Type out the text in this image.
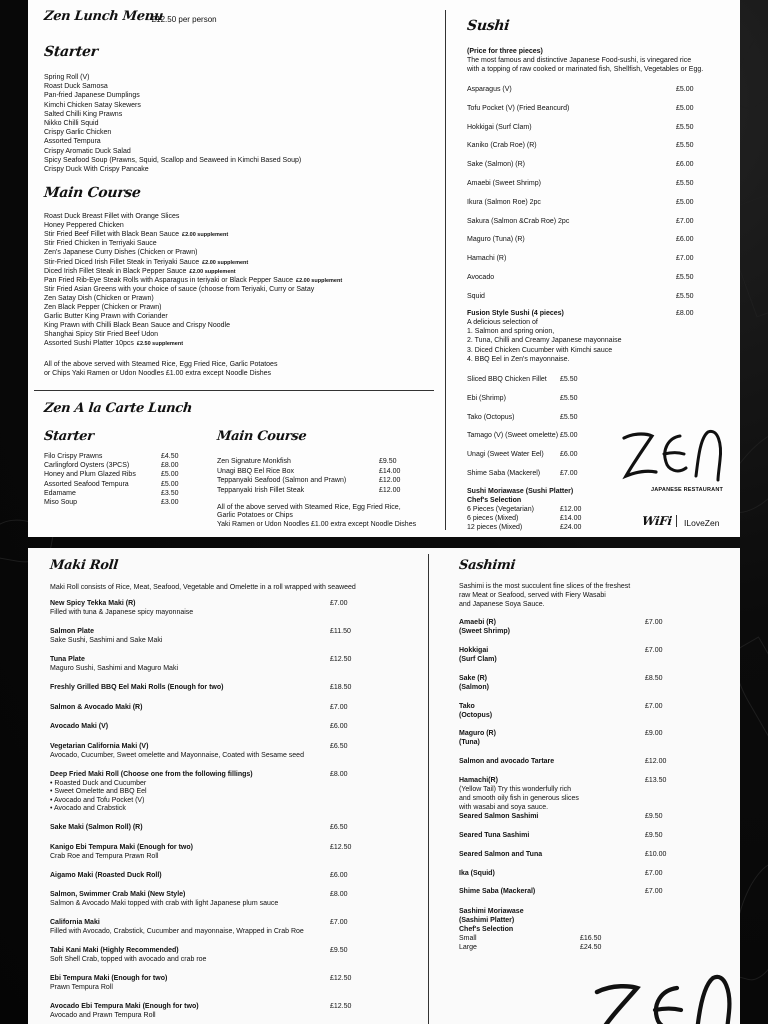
Zen Lunch Menu
– £12.50 per person
Starter
Spring Roll (V)
Roast Duck Samosa
Pan-fried Japanese Dumplings
Kimchi Chicken Satay Skewers
Salted Chilli King Prawns
Nikko Chilli Squid
Crispy Garlic Chicken
Assorted Tempura
Crispy Aromatic Duck Salad
Spicy Seafood Soup (Prawns, Squid, Scallop and Seaweed in Kimchi Based Soup)
Crispy Duck With Crispy Pancake
Main Course
Roast Duck Breast Fillet with Orange Slices
Honey Peppered Chicken
Stir Fried Beef Fillet with Black Bean Sauce £2.00 supplement
Stir Fried Chicken in Terriyaki Sauce
Zen's Japanese Curry Dishes (Chicken or Prawn)
Stir-Fried Diced Irish Fillet Steak in Teriyaki Sauce £2.00 supplement
Diced Irish Fillet Steak in Black Pepper Sauce £2.00 supplement
Pan Fried Rib-Eye Steak Rolls with Asparagus in teriyaki or Black Pepper Sauce £2.00 supplement
Stir Fried Asian Greens with your choice of sauce (choose from Teriyaki, Curry or Satay
Zen Satay Dish (Chicken or Prawn)
Zen Black Pepper (Chicken or Prawn)
Garlic Butter King Prawn with Coriander
King Prawn with Chilli Black Bean Sauce and Crispy Noodle
Shanghai Spicy Stir Fried Beef Udon
Assorted Sushi Platter 10pcs £2.50 supplement
All of the above served with Steamed Rice, Egg Fried Rice, Garlic Potatoes
or Chips Yaki Ramen or Udon Noodles £1.00 extra except Noodle Dishes
Zen A la Carte Lunch
Starter
Filo Crispy Prawns	£4.50
Carlingford Oysters (3PCS)	£8.00
Honey and Plum Glazed Ribs	£5.00
Assorted Seafood Tempura	£5.00
Edamame	£3.50
Miso Soup	£3.00
Main Course
Zen Signature Monkfish	£9.50
Unagi BBQ Eel Rice Box	£14.00
Teppanyaki Seafood (Salmon and Prawn)	£12.00
Teppanyaki Irish Fillet Steak	£12.00
All of the above served with Steamed Rice, Egg Fried Rice,
Garlic Potatoes or Chips
Yaki Ramen or Udon Noodles £1.00 extra except Noodle Dishes
Sushi
(Price for three pieces)
The most famous and distinctive Japanese Food-sushi, is vinegared rice
with a topping of raw cooked or marinated fish, Shellfish, Vegetables or Egg.
Asparagus (V)	£5.00
Tofu Pocket (V) (Fried Beancurd)	£5.00
Hokkigai (Surf Clam)	£5.50
Kaniko (Crab Roe) (R)	£5.50
Sake (Salmon) (R)	£6.00
Amaebi (Sweet Shrimp)	£5.50
Ikura (Salmon Roe) 2pc	£5.00
Sakura (Salmon &Crab Roe) 2pc	£7.00
Maguro (Tuna) (R)	£6.00
Hamachi (R)	£7.00
Avocado	£5.50
Squid	£5.50
Fusion Style Sushi (4 pieces)	£8.00
A delicious selection of
1. Salmon and spring onion,
2. Tuna, Chilli and Creamy Japanese mayonnaise
3. Diced Chicken Cucumber with Kimchi sauce
4. BBQ Eel in Zen's mayonnaise.
Sliced BBQ Chicken Fillet £5.50
Ebi (Shrimp)	£5.50
Tako (Octopus)	£5.50
Tamago (V) (Sweet omelette) £5.00
Unagi (Sweet Water Eel) £6.00
Shime Saba (Mackerel)	£7.00
Sushi Moriawase (Sushi Platter)
Chef's Selection
6 Pieces (Vegetarian)	£12.00
6 pieces (Mixed)	£14.00
12 pieces (Mixed)	£24.00
JAPANESE RESTAURANT
WiFi ILoveZen
Maki Roll
Maki Roll consists of Rice, Meat, Seafood, Vegetable and Omelette in a roll wrapped with seaweed
New Spicy Tekka Maki (R)	£7.00
Filled with tuna & Japanese spicy mayonnaise
Salmon Plate	£11.50
Sake Sushi, Sashimi and Sake Maki
Tuna Plate	£12.50
Maguro Sushi, Sashimi and Maguro Maki
Freshly Grilled BBQ Eel Maki Rolls (Enough for two)	£18.50
Salmon & Avocado Maki (R)	£7.00
Avocado Maki (V)	£6.00
Vegetarian California Maki (V)	£6.50
Avocado, Cucumber, Sweet omelette and Mayonnaise, Coated with Sesame seed
Deep Fried Maki Roll (Choose one from the following fillings)	£8.00
• Roasted Duck and Cucumber
• Sweet Omelette and BBQ Eel
• Avocado and Tofu Pocket (V)
• Avocado and Crabstick
Sake Maki (Salmon Roll) (R)	£6.50
Kanigo Ebi Tempura Maki (Enough for two)	£12.50
Crab Roe and Tempura Prawn Roll
Aigamo Maki (Roasted Duck Roll)	£6.00
Salmon, Swimmer Crab Maki (New Style)	£8.00
Salmon & Avocado Maki topped with crab with light Japanese plum sauce
California Maki	£7.00
Filled with Avocado, Crabstick, Cucumber and mayonnaise, Wrapped in Crab Roe
Tabi Kani Maki (Highly Recommended)	£9.50
Soft Shell Crab, topped with avocado and crab roe
Ebi Tempura Maki (Enough for two)	£12.50
Prawn Tempura Roll
Avocado Ebi Tempura Maki (Enough for two)	£12.50
Avocado and Prawn Tempura Roll
Sashimi
Sashimi is the most succulent fine slices of the freshest
raw Meat or Seafood, served with Fiery Wasabi
and Japanese Soya Sauce.
Amaebi (R)
(Sweet Shrimp)
£7.00
Hokkigai
(Surf Clam)
£7.00
Sake (R)
(Salmon)
£8.50
Tako
(Octopus)
£7.00
Maguro (R)
(Tuna)
£9.00
Salmon and avocado Tartare	£12.00
Hamachi(R)
(Yellow Tail) Try this wonderfully rich
and smooth oily fish in generous slices
with wasabi and soya sauce.
£13.50
Seared Salmon Sashimi	£9.50
Seared Tuna Sashimi	£9.50
Seared Salmon and Tuna	£10.00
Ika (Squid)	£7.00
Shime Saba (Mackeral)	£7.00
Sashimi Moriawase
(Sashimi Platter)
Chef's Selection
Small	£16.50
Large	£24.50
